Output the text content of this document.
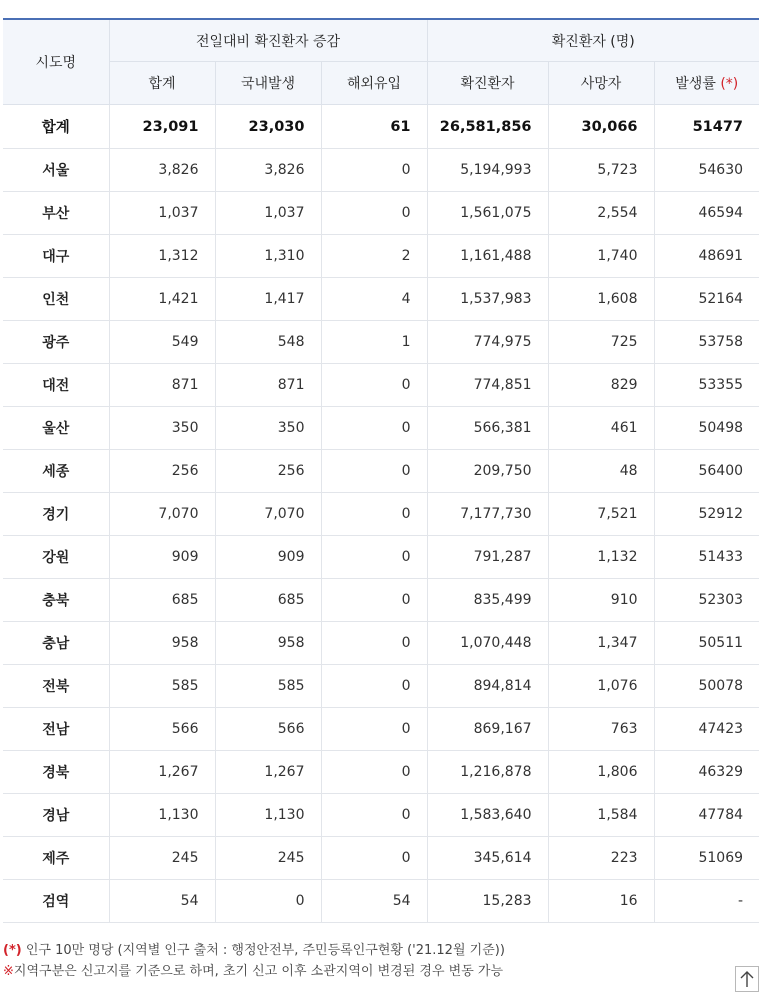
시도명	전일대비 확진환자 증감			확진환자 (명)		
	합계	국내발생	해외유입	확진환자	사망자	발생률 (*)
합계	23,091	23,030	61	26,581,856	30,066	51477
서울	3,826	3,826	0	5,194,993	5,723	54630
부산	1,037	1,037	0	1,561,075	2,554	46594
대구	1,312	1,310	2	1,161,488	1,740	48691
인천	1,421	1,417	4	1,537,983	1,608	52164
광주	549	548	1	774,975	725	53758
대전	871	871	0	774,851	829	53355
울산	350	350	0	566,381	461	50498
세종	256	256	0	209,750	48	56400
경기	7,070	7,070	0	7,177,730	7,521	52912
강원	909	909	0	791,287	1,132	51433
충북	685	685	0	835,499	910	52303
충남	958	958	0	1,070,448	1,347	50511
전북	585	585	0	894,814	1,076	50078
전남	566	566	0	869,167	763	47423
경북	1,267	1,267	0	1,216,878	1,806	46329
경남	1,130	1,130	0	1,583,640	1,584	47784
제주	245	245	0	345,614	223	51069
검역	54	0	54	15,283	16	-
(*) 인구 10만 명당 (지역별 인구 출처 : 행정안전부, 주민등록인구현황 ('21.12월 기준))
※지역구분은 신고지를 기준으로 하며, 초기 신고 이후 소관지역이 변경된 경우 변동 가능
